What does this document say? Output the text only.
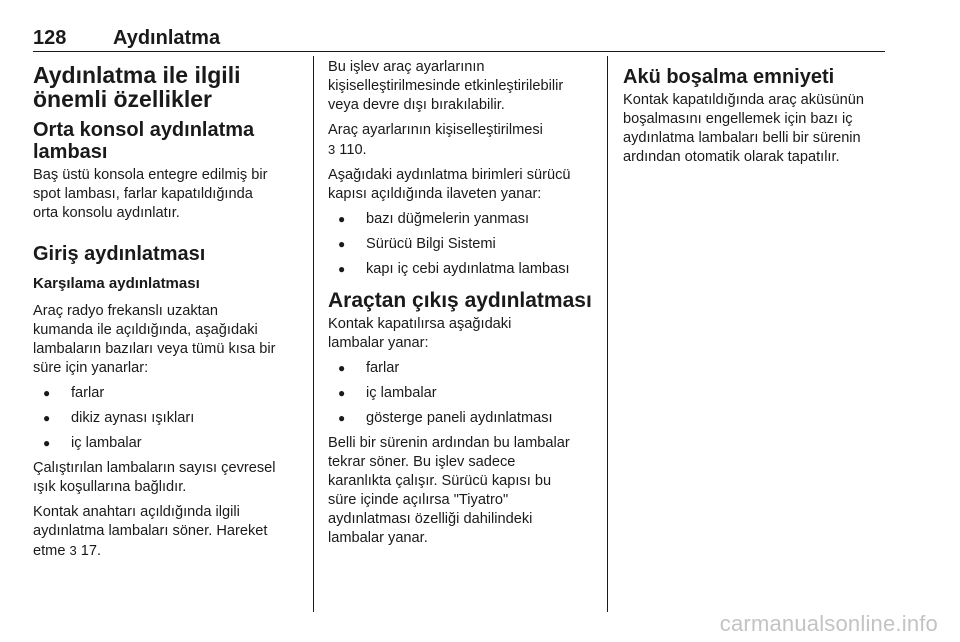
128 Aydınlatma
Aydınlatma ile ilgili
önemli özellikler
Orta konsol aydınlatma
lambası

Baş üstü konsola entegre edilmiş bir
spot lambası, farlar kapatıldığında
orta konsolu aydınlatır.

Giriş aydınlatması
Karşılama aydınlatması

Araç radyo frekanslı uzaktan
kumanda ile açıldığında, aşağıdaki
lambaların bazıları veya tümü kısa bir
süre için yanarlar:

● farlar
● dikiz aynası ışıkları
● iç lambalar

Çalıştırılan lambaların sayısı çevresel
ışık koşullarına bağlıdır.

Kontak anahtarı açıldığında ilgili
aydınlatma lambaları söner. Hareket
etme 3 17.

Bu işlev araç ayarlarının
kişiselleştirilmesinde etkinleştirilebilir
veya devre dışı bırakılabilir.

Araç ayarlarının kişiselleştirilmesi
3 110.

Aşağıdaki aydınlatma birimleri sürücü
kapısı açıldığında ilaveten yanar:

● bazı düğmelerin yanması
● Sürücü Bilgi Sistemi
● kapı iç cebi aydınlatma lambası
Araçtan çıkış aydınlatması

Kontak kapatılırsa aşağıdaki
lambalar yanar:

● farlar
● iç lambalar
● gösterge paneli aydınlatması

Belli bir sürenin ardından bu lambalar
tekrar söner. Bu işlev sadece
karanlıkta çalışır. Sürücü kapısı bu
süre içinde açılırsa "Tiyatro"
aydınlatması özelliği dahilindeki
lambalar yanar.

Akü boşalma emniyeti

Kontak kapatıldığında araç aküsünün
boşalmasını engellemek için bazı iç
aydınlatma lambaları belli bir sürenin
ardından otomatik olarak tapatılır.

carmanualsonline.info
